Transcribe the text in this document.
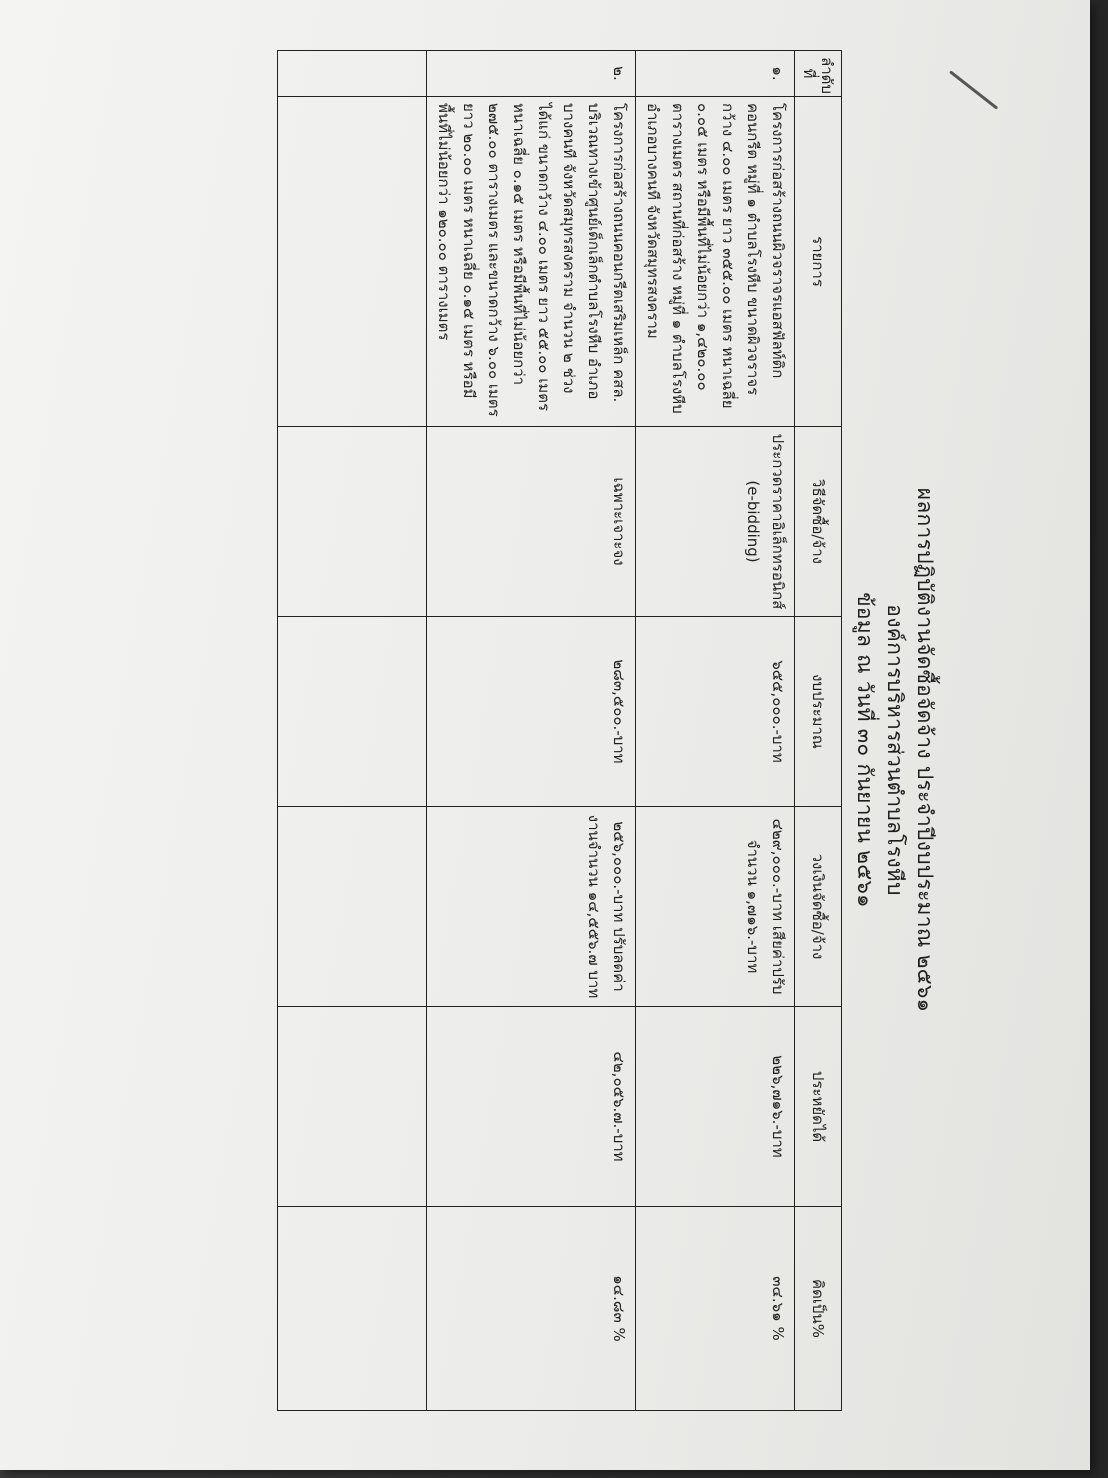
ผลการปฏิบัติงานจัดซื้อจัดจ้าง ประจำปีงบประมาณ ๒๕๖๑
องค์การบริหารส่วนตำบลโรงหีบ
ข้อมูล ณ วันที่ ๓๐ กันยายน ๒๕๖๑
ลำดับที่	รายการ	วิธีจัดซื้อ/จ้าง	งบประมาณ	วงเงินจัดซื้อ/จ้าง	ประหยัดได้	คิดเป็น%
๑.	โครงการก่อสร้างถนนผิวจราจรแอสฟัลท์ติกคอนกรีต หมู่ที่ ๑ ตำบลโรงหีบ ขนาดผิวจราจรกว้าง ๔.๐๐ เมตร ยาว ๓๕๕.๐๐ เมตร หนาเฉลี่ย ๐.๐๕ เมตร หรือมีพื้นที่ไม่น้อยกว่า ๑,๔๒๐.๐๐ ตารางเมตร สถานที่ก่อสร้าง หมู่ที่ ๑ ตำบลโรงหีบ อำเภอบางคนที จังหวัดสมุทรสงคราม	ประกวดราคาอิเล็กทรอนิกส์ (e-bidding)	๖๕๕,๐๐๐.-บาท	๔๒๙,๐๐๐.-บาท เสียค่าปรับจำนวน ๑,๗๑๖.-บาท	๒๒๖,๗๑๖.-บาท	๓๔.๖๑ %
๒.	โครงการก่อสร้างถนนคอนกรีตเสริมเหล็ก คสล. บริเวณทางเข้าศูนย์เด็กเล็กตำบลโรงหีบ อำเภอบางคนที จังหวัดสมุทรสงคราม จำนวน ๒ ช่วง ได้แก่ ขนาดกว้าง ๔.๐๐ เมตร ยาว ๕๕.๐๐ เมตร หนาเฉลี่ย ๐.๑๕ เมตร หรือมีพื้นที่ไม่น้อยกว่า ๒๗๕.๐๐ ตารางเมตร และขนาดกว้าง ๖.๐๐ เมตร ยาว ๒๐.๐๐ เมตร หนาเฉลี่ย ๐.๑๕ เมตร หรือมีพื้นที่ไม่น้อยกว่า ๑๒๐.๐๐ ตารางเมตร	เฉพาะเจาะจง	๒๘๓,๕๐๐.-บาท	๒๕๖,๐๐๐.-บาท ปรับลดค่างานจำนวน ๑๔,๕๕๖.๗ บาท	๔๒,๐๕๖.๗.-บาท	๑๔.๘๓ %
